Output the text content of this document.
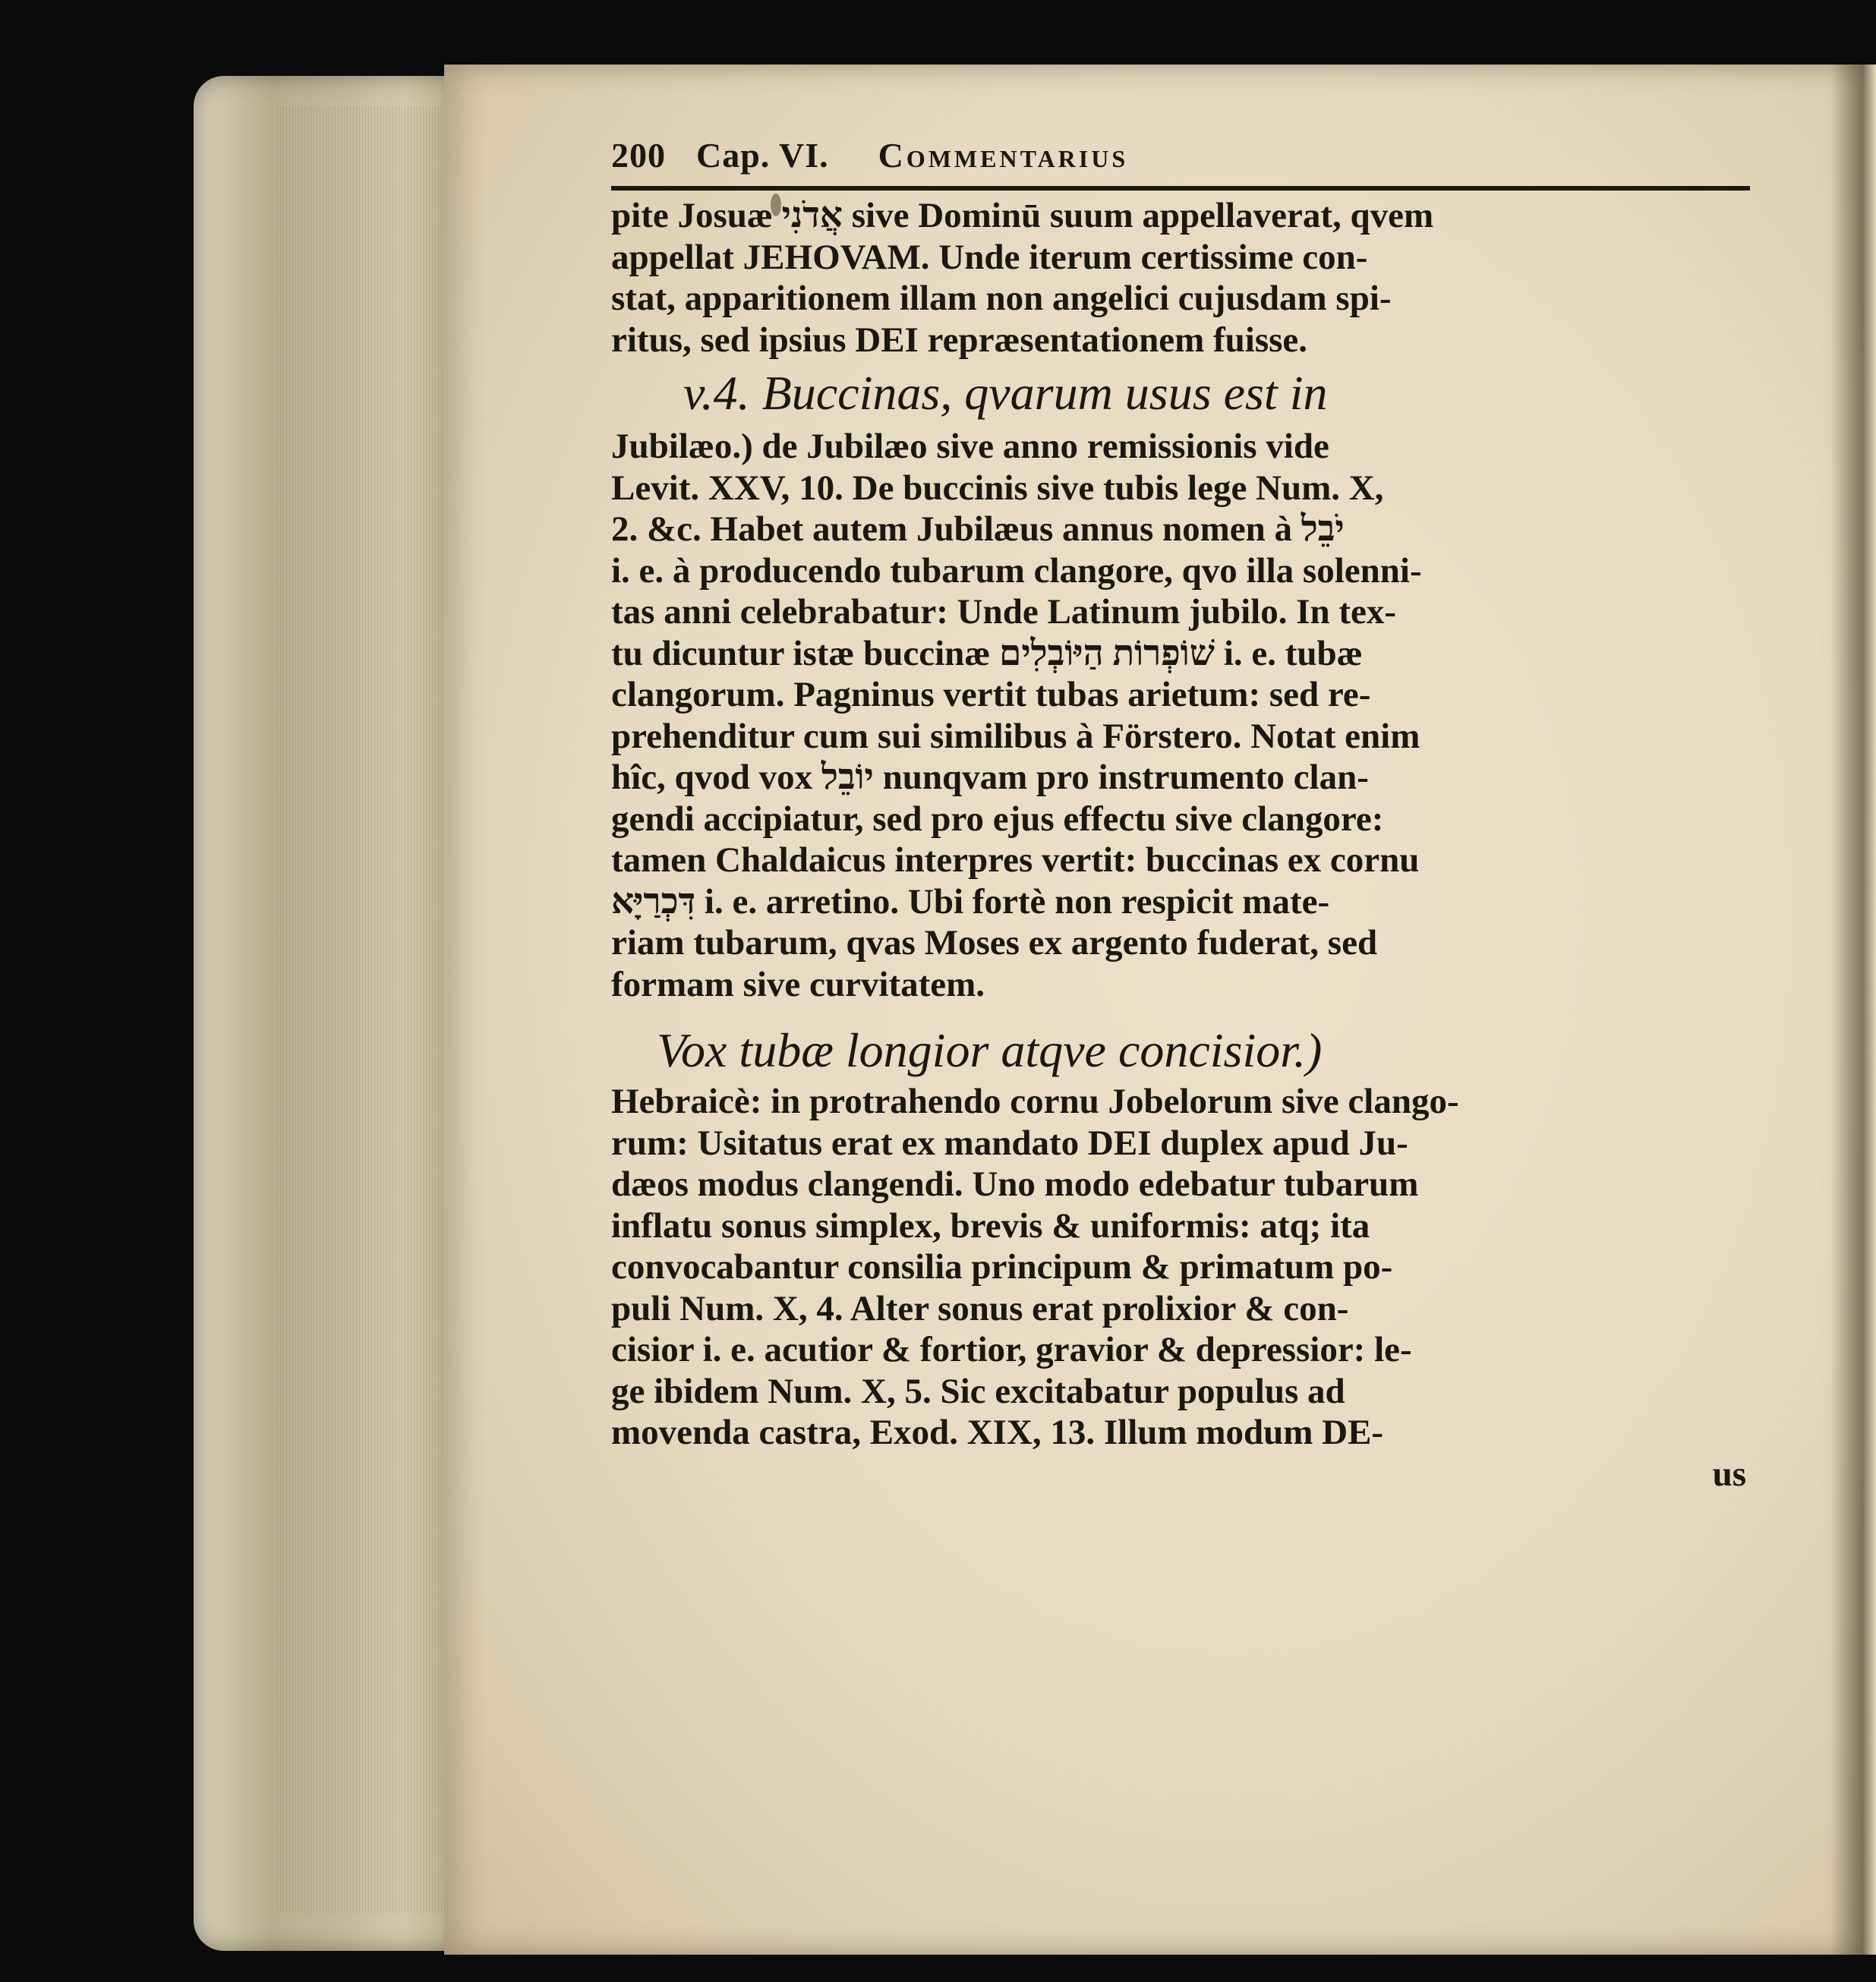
200 Cap. VI. Commentarius
pite Josuæ אֲדֹנִי sive Dominū suum appellaverat, qvem
appellat JEHOVAM. Unde iterum certissime con-
stat, apparitionem illam non angelici cujusdam spi-
ritus, sed ipsius DEI repræsentationem fuisse.
v.4. Buccinas, qvarum usus est in
Jubilæo.) de Jubilæo sive anno remissionis vide
Levit. XXV, 10. De buccinis sive tubis lege Num. X,
2. &c. Habet autem Jubilæus annus nomen à יֹבֵל
i. e. à producendo tubarum clangore, qvo illa solenni-
tas anni celebrabatur: Unde Latinum jubilo. In tex-
tu dicuntur istæ buccinæ שׁוֹפְרוֹת הַיּוֹבְלִים i. e. tubæ
clangorum. Pagninus vertit tubas arietum: sed re-
prehenditur cum sui similibus à Förstero. Notat enim
hîc, qvod vox יוֹבֵל nunqvam pro instrumento clan-
gendi accipiatur, sed pro ejus effectu sive clangore:
tamen Chaldaicus interpres vertit: buccinas ex cornu
דִּכְרַיָּא i. e. arretino. Ubi fortè non respicit mate-
riam tubarum, qvas Moses ex argento fuderat, sed
formam sive curvitatem.
Vox tubæ longior atqve concisior.)
Hebraicè: in protrahendo cornu Jobelorum sive clango-
rum: Usitatus erat ex mandato DEI duplex apud Ju-
dæos modus clangendi. Uno modo edebatur tubarum
inflatu sonus simplex, brevis & uniformis: atq; ita
convocabantur consilia principum & primatum po-
puli Num. X, 4. Alter sonus erat prolixior & con-
cisior i. e. acutior & fortior, gravior & depressior: le-
ge ibidem Num. X, 5. Sic excitabatur populus ad
movenda castra, Exod. XIX, 13. Illum modum DE-
us
